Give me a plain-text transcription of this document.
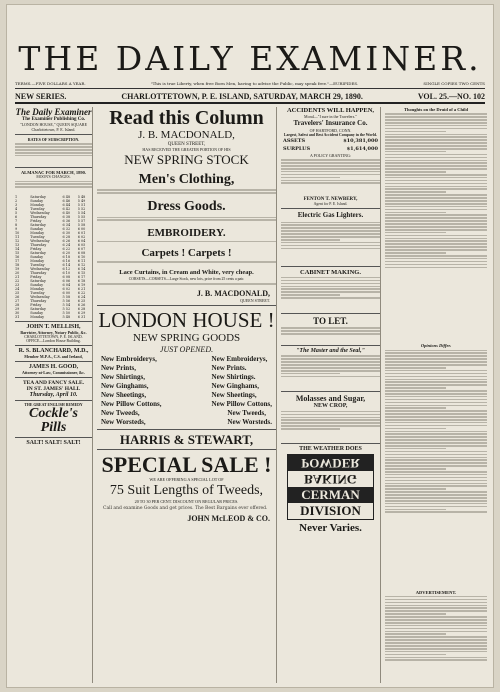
THE DAILY EXAMINER.
TERMS.—FIVE DOLLARS A YEAR.	"This is true Liberty, when free Born Men, having to advise the Public, may speak free."—EURIPIDES.	SINGLE COPIES TWO CENTS
NEW SERIES.	CHARLOTTETOWN, P. E. ISLAND, SATURDAY, MARCH 29, 1890.	VOL. 25.—NO. 102
The Daily Examiner
The Examiner Publishing Co.
"LONDON HOUSE," QUEEN SQUARE
Charlottetown, P. E. Island.
RATES OF SUBSCRIPTION.
ALMANAC FOR MARCH, 1890.
MOON'S CHANGES.
1	Saturday	6 48	5 48
2	Sunday	6 46	5 49
3	Monday	6 44	5 51
4	Tuesday	6 42	5 52
5	Wednesday	6 40	5 54
6	Thursday	6 38	5 55
7	Friday	6 36	5 57
8	Saturday	6 34	5 58
9	Sunday	6 32	6 00
10	Monday	6 30	6 01
11	Tuesday	6 28	6 02
12	Wednesday	6 26	6 04
13	Thursday	6 24	6 05
14	Friday	6 22	6 07
15	Saturday	6 20	6 08
16	Sunday	6 18	6 10
17	Monday	6 16	6 11
18	Tuesday	6 14	6 12
19	Wednesday	6 12	6 14
20	Thursday	6 10	6 15
21	Friday	6 08	6 17
22	Saturday	6 06	6 18
23	Sunday	6 04	6 19
24	Monday	6 02	6 21
25	Tuesday	6 00	6 22
26	Wednesday	5 58	6 24
27	Thursday	5 56	6 25
28	Friday	5 54	6 26
29	Saturday	5 52	6 28
30	Sunday	5 50	6 29
31	Monday	5 48	6 31
JOHN T. MELLISH,
Barrister, Attorney, Notary Public, &c.
CHARLOTTETOWN, P. E. ISLAND.
OFFICE—London House Building.
R. S. BLANCHARD, M.D.,
Member M.P.A., C.S. and Ireland,
JAMES H. GOOD,
Attorney-at-Law, Commissioner, &c.
TEA AND FANCY SALE.
IN ST. JAMES' HALL
Thursday, April 10.
THE GREAT ENGLISH REMEDY
Cockle's
Pills
SALT! SALT! SALT!
Read this Column
J. B. MACDONALD,
QUEEN STREET,
HAS RECEIVED THE GREATER PORTION OF HIS
NEW SPRING STOCK

Men's Clothing,
Dress Goods.
EMBROIDERY.
Carpets ! Carpets !
Lace Curtains, in Cream and White, very cheap.
CORSETS—CORSETS—Large Stock, new lots, price from 25 cents a pair.
J. B. MACDONALD,
QUEEN STREET.
LONDON HOUSE !
NEW SPRING GOODS
JUST OPENED.
New Embroiderys,
New Prints,
New Shirtings,
New Ginghams,
New Sheetings,
New Pillow Cottons,
New Embroiderys,
New Prints.
New Shirtings.
New Ginghams,
New Sheetings,
New Pillow Cottons,
New Tweeds,
New Worsteds,
New Tweeds,
New Worsteds.
HARRIS & STEWART,
SPECIAL SALE !
WE ARE OFFERING A SPECIAL LOT OF
75 Suit Lengths of Tweeds,
20 TO 30 PER CENT. DISCOUNT ON REGULAR PRICES.
Call and examine Goods and get prices. The Best Bargains ever offered.
JOHN McLEOD & CO.
ACCIDENTS WILL HAPPEN,
Moral—"I sure in the Travelers."
Travelers' Insurance Co.
OF HARTFORD, CONN.
Largest, Safest and Best Accident Company in the World.
ASSETS	$10,381,000
SURPLUS	$1,614,000
A POLICY GRANTING:
FENTON T. NEWBERY,
Agent for P. E. Island.
Electric Gas Lighters.
CABINET MAKING.
TO LET.
"The Master and the Seal,"
Molasses and Sugar,
NEW CROP,
THE WEATHER DOES
POWDER
BAKING
CERMAN
DIVISION
Never Varies.
Thoughts on the Druid of a Child
Opinions Differ.
ADVERTISEMENT.
